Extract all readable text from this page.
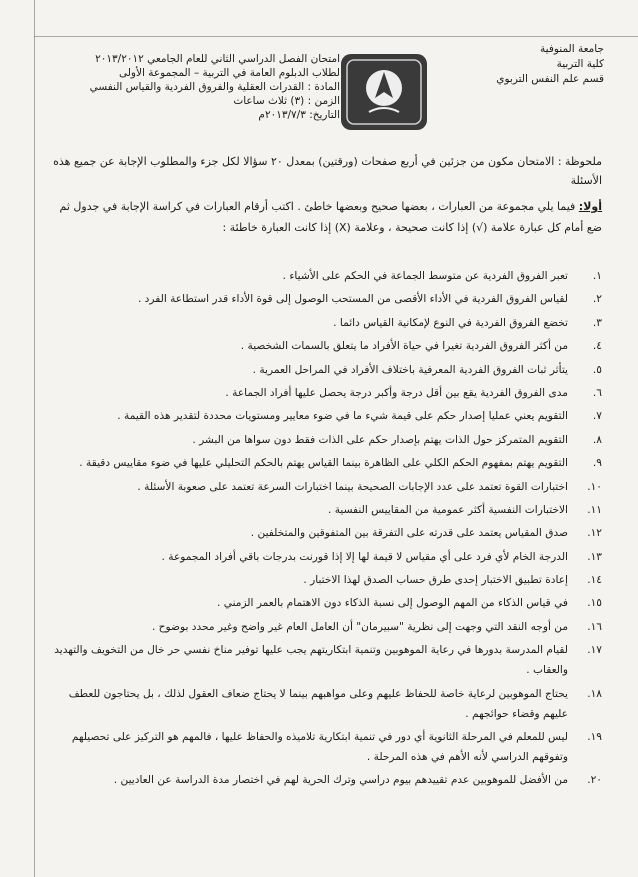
جامعة المنوفية
كلية التربية
قسم علم النفس التربوي
امتحان الفصل الدراسي الثاني للعام الجامعي ٢٠١٣/٢٠١٢
لطلاب الدبلوم العامة في التربية – المجموعة الأولى
المادة : القدرات العقلية والفروق الفردية والقياس النفسي
الزمن : (٣) ثلاث ساعات
التاريخ: ٢٠١٣/٧/٣م
ملحوظة : الامتحان مكون من جزئين في أربع صفحات (ورقتين) بمعدل ٢٠ سؤالا لكل جزء والمطلوب الإجابة عن جميع هذه الأسئلة
أولا: فيما يلي مجموعة من العبارات ، بعضها صحيح وبعضها خاطئ . اكتب أرقام العبارات في كراسة الإجابة في جدول ثم ضع أمام كل عبارة علامة (√) إذا كانت صحيحة ، وعلامة (X) إذا كانت العبارة خاطئة :
١.
تعبر الفروق الفردية عن متوسط الجماعة في الحكم على الأشياء .
٢.
لقياس الفروق الفردية في الأداء الأقصى من المستحب الوصول إلى قوة الأداء قدر استطاعة الفرد .
٣.
تخضع الفروق الفردية في النوع لإمكانية القياس دائما .
٤.
من أكثر الفروق الفردية تغيرا في حياة الأفراد ما يتعلق بالسمات الشخصية .
٥.
يتأثر ثبات الفروق الفردية المعرفية باختلاف الأفراد في المراحل العمرية .
٦.
مدى الفروق الفردية يقع بين أقل درجة وأكبر درجة يحصل عليها أفراد الجماعة .
٧.
التقويم يعني عمليا إصدار حكم على قيمة شيء ما في ضوء معايير ومستويات محددة لتقدير هذه القيمة .
٨.
التقويم المتمركز حول الذات يهتم بإصدار حكم على الذات فقط دون سواها من البشر .
٩.
التقويم يهتم بمفهوم الحكم الكلي على الظاهرة بينما القياس يهتم بالحكم التحليلي عليها في ضوء مقاييس دقيقة .
١٠.
اختبارات القوة تعتمد على عدد الإجابات الصحيحة بينما اختبارات السرعة تعتمد على صعوبة الأسئلة .
١١.
الاختبارات النفسية أكثر عمومية من المقاييس النفسية .
١٢.
صدق المقياس يعتمد على قدرته على التفرقة بين المتفوقين والمتخلفين .
١٣.
الدرجة الخام لأي فرد على أي مقياس لا قيمة لها إلا إذا قورنت بدرجات باقي أفراد المجموعة .
١٤.
إعادة تطبيق الاختبار إحدى طرق حساب الصدق لهذا الاختبار .
١٥.
في قياس الذكاء من المهم الوصول إلى نسبة الذكاء دون الاهتمام بالعمر الزمني .
١٦.
من أوجه النقد التي وجهت إلى نظرية "سبيرمان" أن العامل العام غير واضح وغير محدد بوضوح .
١٧.
لقيام المدرسة بدورها في رعاية الموهوبين وتنمية ابتكاريتهم يجب عليها توفير مناخ نفسي حر خال من التخويف والتهديد والعقاب .
١٨.
يحتاج الموهوبين لرعاية خاصة للحفاظ عليهم وعلى مواهبهم بينما لا يحتاج ضعاف العقول لذلك ، بل يحتاجون للعطف عليهم وقضاء حوائجهم .
١٩.
ليس للمعلم في المرحلة الثانوية أي دور في تنمية ابتكارية تلاميذه والحفاظ عليها ، فالمهم هو التركيز على تحصيلهم وتفوقهم الدراسي لأنه الأهم في هذه المرحلة .
٢٠.
من الأفضل للموهوبين عدم تقييدهم بيوم دراسي وترك الحرية لهم في اختصار مدة الدراسة عن العاديين .
